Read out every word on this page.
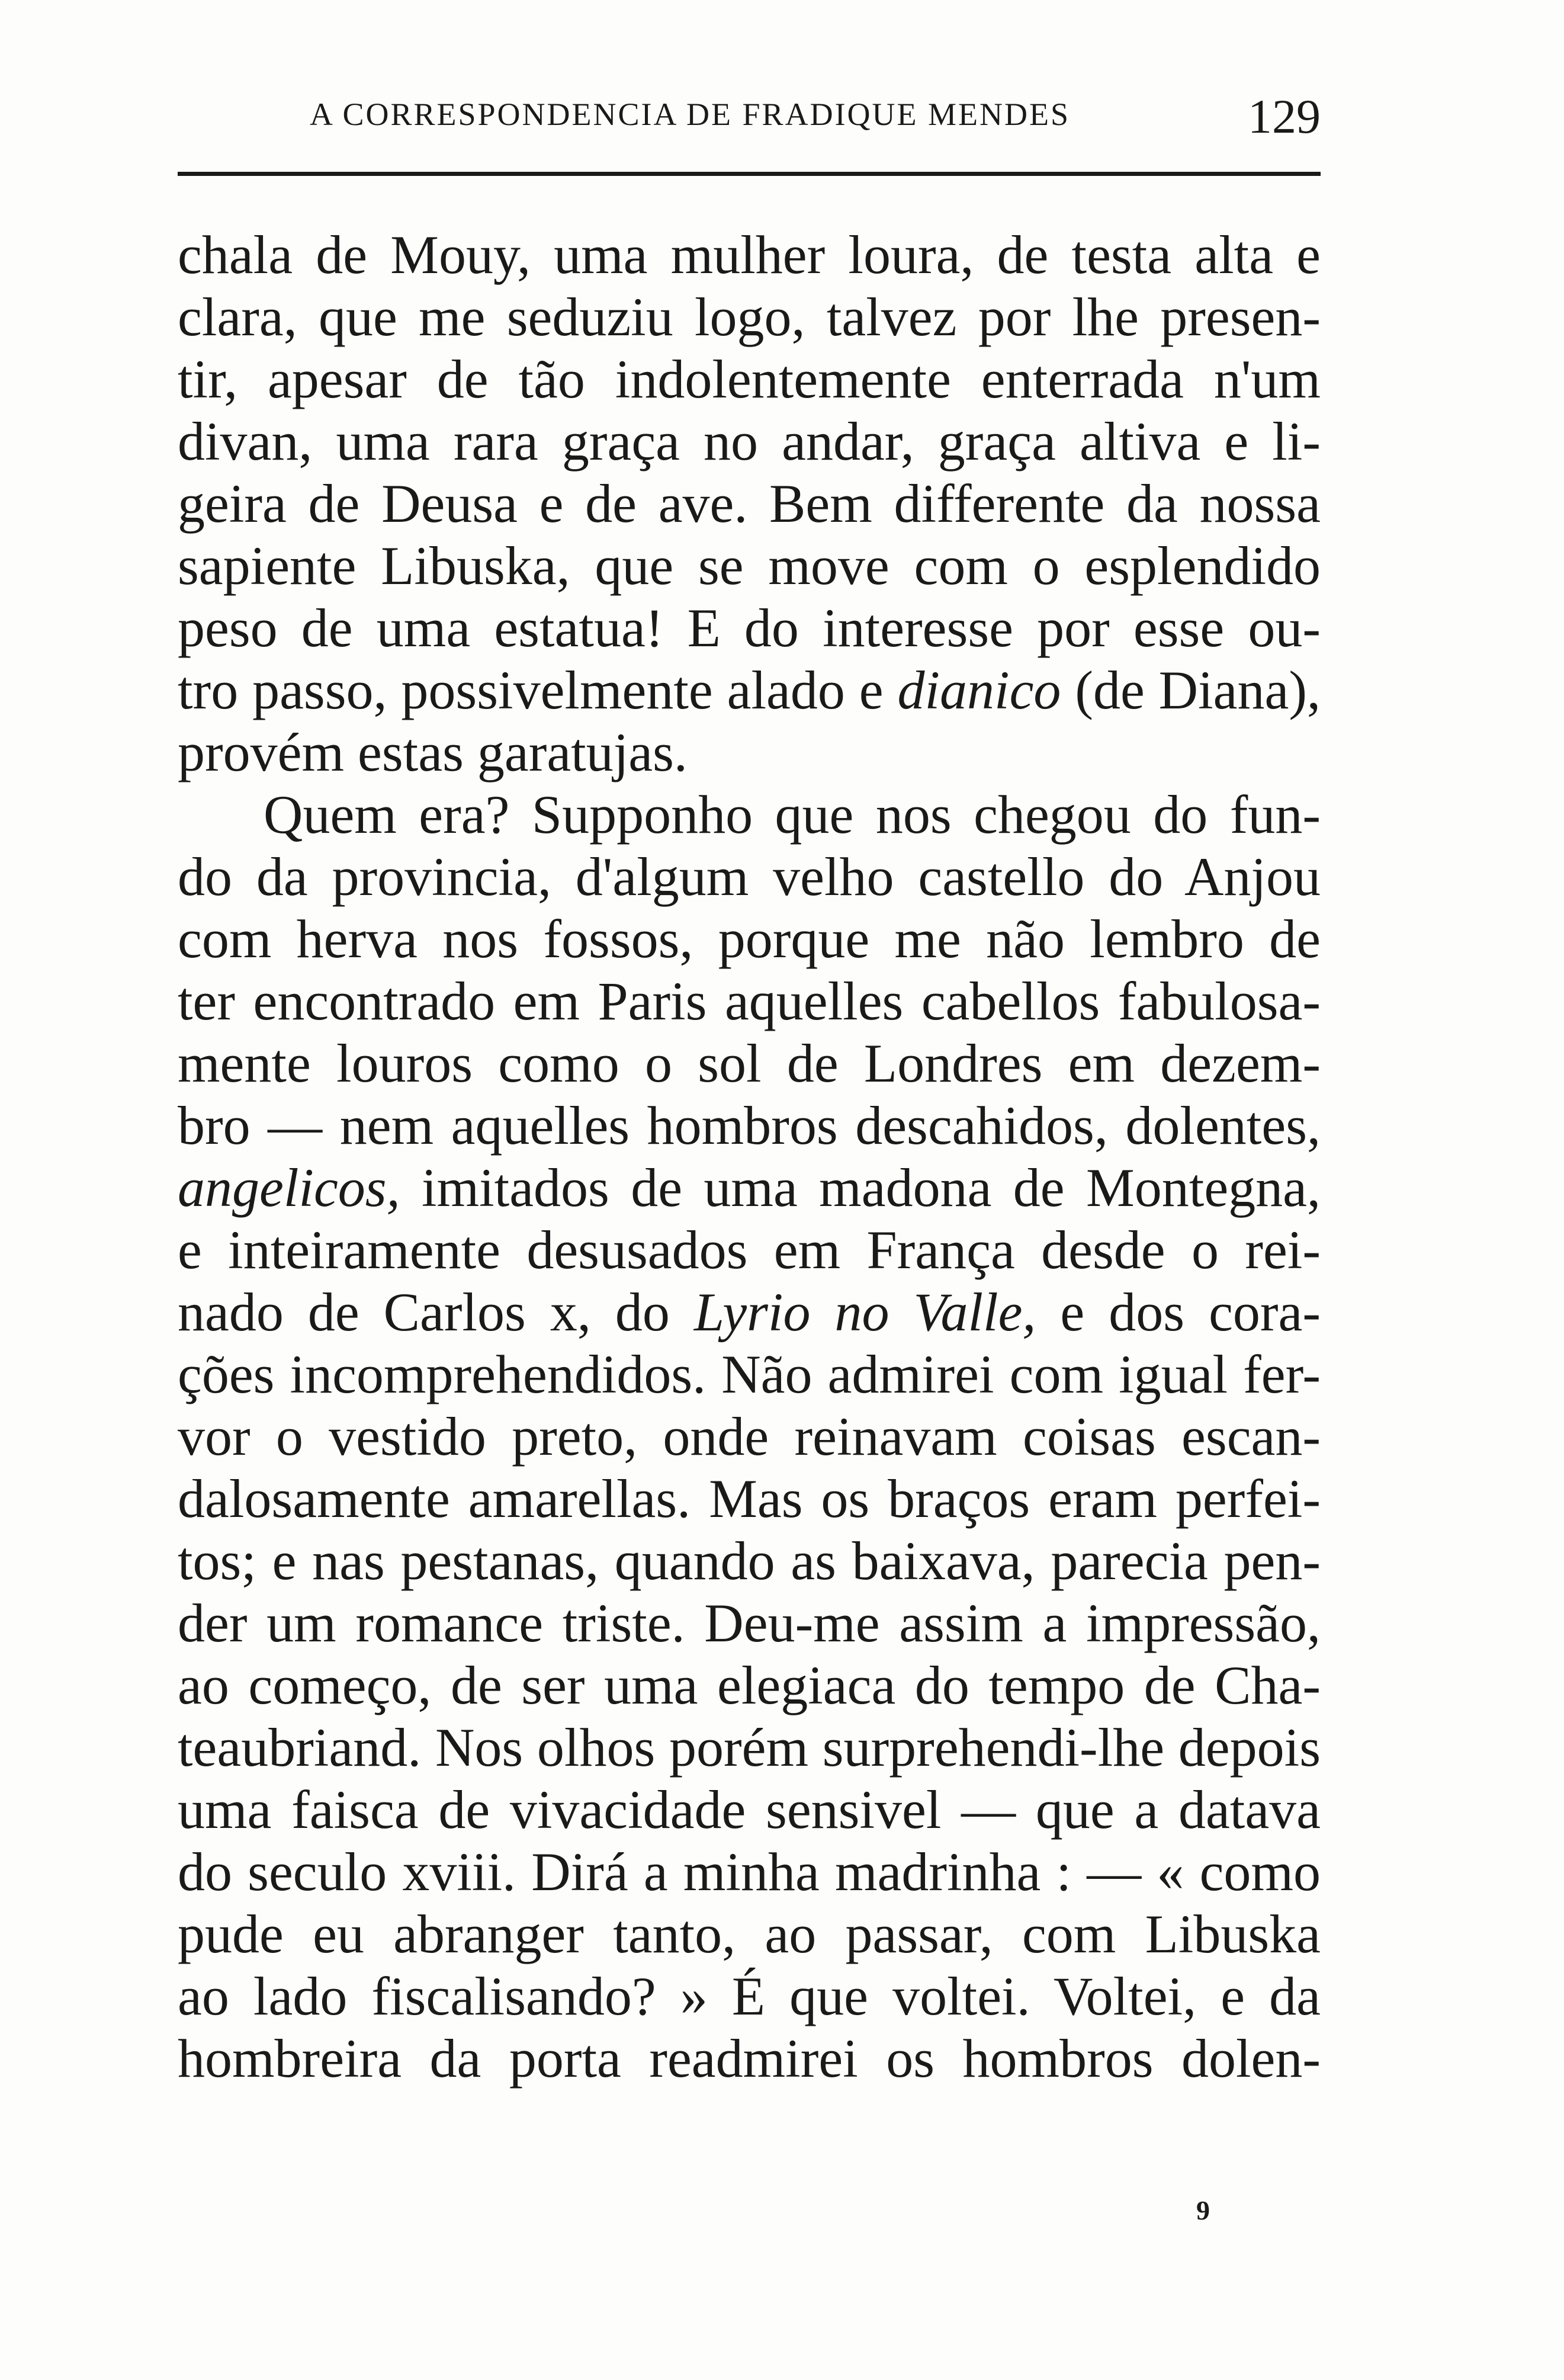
A CORRESPONDENCIA DE FRADIQUE MENDES	129
chala de Mouy, uma mulher loura, de testa alta e
clara, que me seduziu logo, talvez por lhe presen-
tir, apesar de tão indolentemente enterrada n'um
divan, uma rara graça no andar, graça altiva e li-
geira de Deusa e de ave. Bem differente da nossa
sapiente Libuska, que se move com o esplendido
peso de uma estatua! E do interesse por esse ou-
tro passo, possivelmente alado e dianico (de Diana),
provém estas garatujas.
Quem era? Supponho que nos chegou do fun-
do da provincia, d'algum velho castello do Anjou
com herva nos fossos, porque me não lembro de
ter encontrado em Paris aquelles cabellos fabulosa-
mente louros como o sol de Londres em dezem-
bro — nem aquelles hombros descahidos, dolentes,
angelicos, imitados de uma madona de Montegna,
e inteiramente desusados em França desde o rei-
nado de Carlos x, do Lyrio no Valle, e dos cora-
ções incomprehendidos. Não admirei com igual fer-
vor o vestido preto, onde reinavam coisas escan-
dalosamente amarellas. Mas os braços eram perfei-
tos; e nas pestanas, quando as baixava, parecia pen-
der um romance triste. Deu-me assim a impressão,
ao começo, de ser uma elegiaca do tempo de Cha-
teaubriand. Nos olhos porém surprehendi-lhe depois
uma faisca de vivacidade sensivel — que a datava
do seculo xviii. Dirá a minha madrinha : — « como
pude eu abranger tanto, ao passar, com Libuska
ao lado fiscalisando? » É que voltei. Voltei, e da
hombreira da porta readmirei os hombros dolen-
9
